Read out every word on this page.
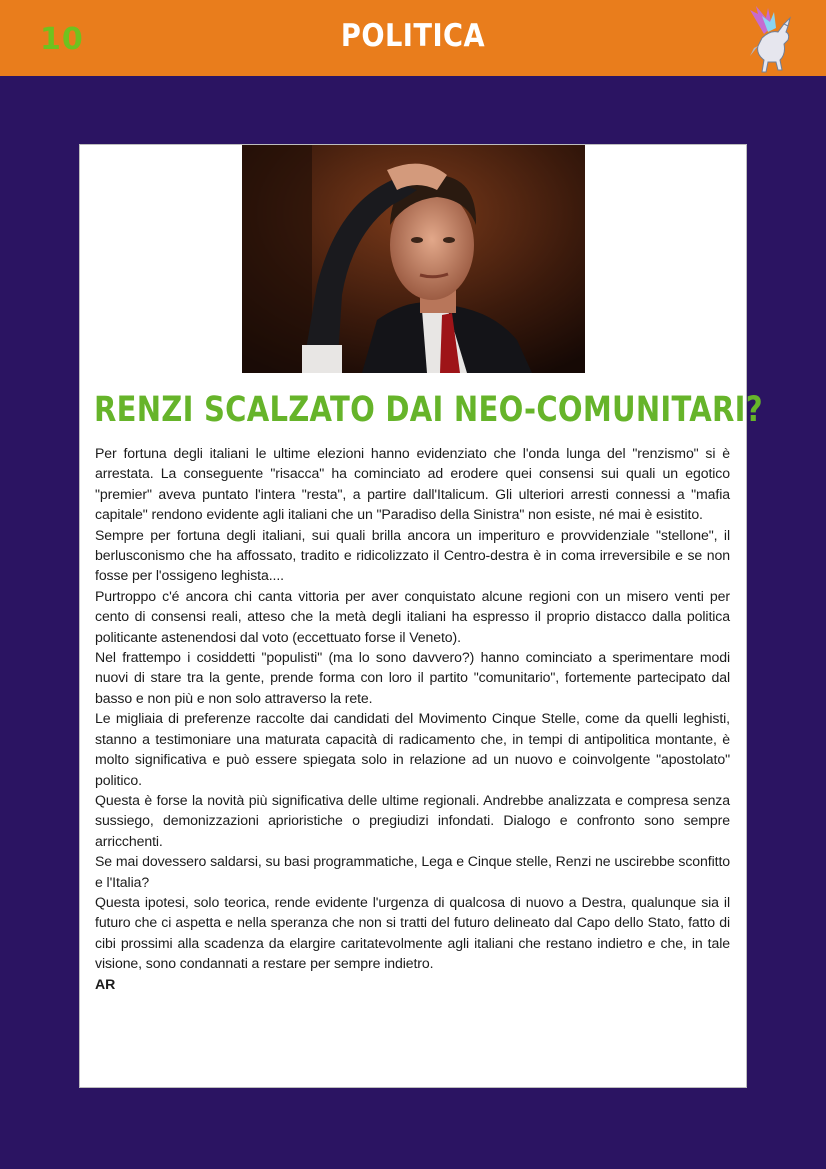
10	POLITICA
RENZI SCALZATO DAI NEO-COMUNITARI?

Per fortuna degli italiani le ultime elezioni hanno evidenziato che l'onda lunga del "renzismo" si è arrestata. La conseguente "risacca" ha cominciato ad erodere quei consensi sui quali un egotico "premier" aveva puntato l'intera "resta", a partire dall'Italicum. Gli ulteriori arresti connessi a "mafia capitale" rendono evidente agli italiani che un "Paradiso della Sinistra" non esiste, né mai è esistito.

Sempre per fortuna degli italiani, sui quali brilla ancora un imperituro e provvidenziale "stellone", il berlusconismo che ha affossato, tradito e ridicolizzato il Centro-destra è in coma irreversibile e se non fosse per l'ossigeno leghista....

Purtroppo c'é ancora chi canta vittoria per aver conquistato alcune regioni con un misero venti per cento di consensi reali, atteso che la metà degli italiani ha espresso il proprio distacco dalla politica politicante astenendosi dal voto (eccettuato forse il Veneto).

Nel frattempo i cosiddetti "populisti" (ma lo sono davvero?) hanno cominciato a sperimentare modi nuovi di stare tra la gente, prende forma con loro il partito "comunitario", fortemente partecipato dal basso e non più e non solo attraverso la rete.

Le migliaia di preferenze raccolte dai candidati del Movimento Cinque Stelle, come da quelli leghisti, stanno a testimoniare una maturata capacità di radicamento che, in tempi di antipolitica montante, è molto significativa e può essere spiegata solo in relazione ad un nuovo e coinvolgente "apostolato" politico.

Questa è forse la novità più significativa delle ultime regionali. Andrebbe analizzata e compresa senza sussiego, demonizzazioni aprioristiche o pregiudizi infondati. Dialogo e confronto sono sempre arricchenti.

Se mai dovessero saldarsi, su basi programmatiche, Lega e Cinque stelle, Renzi ne uscirebbe sconfitto e l'Italia?

Questa ipotesi, solo teorica, rende evidente l'urgenza di qualcosa di nuovo a Destra, qualunque sia il futuro che ci aspetta e nella speranza che non si tratti del futuro delineato dal Capo dello Stato, fatto di cibi prossimi alla scadenza da elargire caritatevolmente agli italiani che restano indietro e che, in tale visione, sono condannati a restare per sempre indietro.

AR
